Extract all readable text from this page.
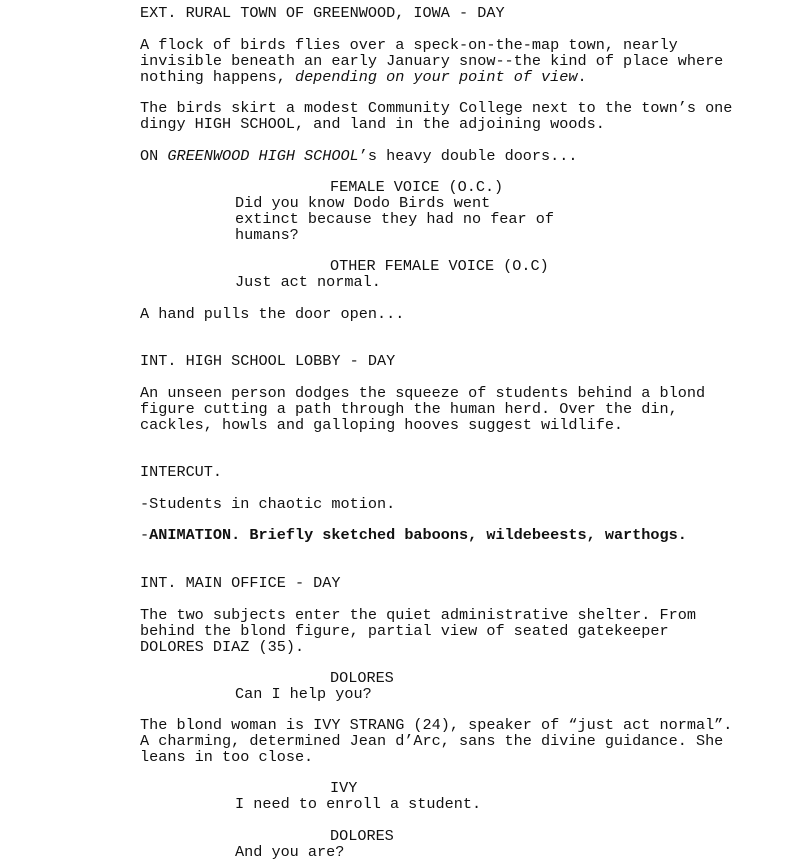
EXT. RURAL TOWN OF GREENWOOD, IOWA - DAY
A flock of birds flies over a speck-on-the-map town, nearly invisible beneath an early January snow--the kind of place where nothing happens, depending on your point of view.
The birds skirt a modest Community College next to the town’s one dingy HIGH SCHOOL, and land in the adjoining woods.
ON GREENWOOD HIGH SCHOOL’s heavy double doors...
FEMALE VOICE (O.C.)
Did you know Dodo Birds went extinct because they had no fear of humans?
OTHER FEMALE VOICE (O.C)
Just act normal.
A hand pulls the door open...
INT. HIGH SCHOOL LOBBY - DAY
An unseen person dodges the squeeze of students behind a blond figure cutting a path through the human herd. Over the din, cackles, howls and galloping hooves suggest wildlife.
INTERCUT.
-Students in chaotic motion.
-ANIMATION. Briefly sketched baboons, wildebeests, warthogs.
INT. MAIN OFFICE - DAY
The two subjects enter the quiet administrative shelter. From behind the blond figure, partial view of seated gatekeeper DOLORES DIAZ (35).
DOLORES
Can I help you?
The blond woman is IVY STRANG (24), speaker of “just act normal”. A charming, determined Jean d’Arc, sans the divine guidance. She leans in too close.
IVY
I need to enroll a student.
DOLORES
And you are?
